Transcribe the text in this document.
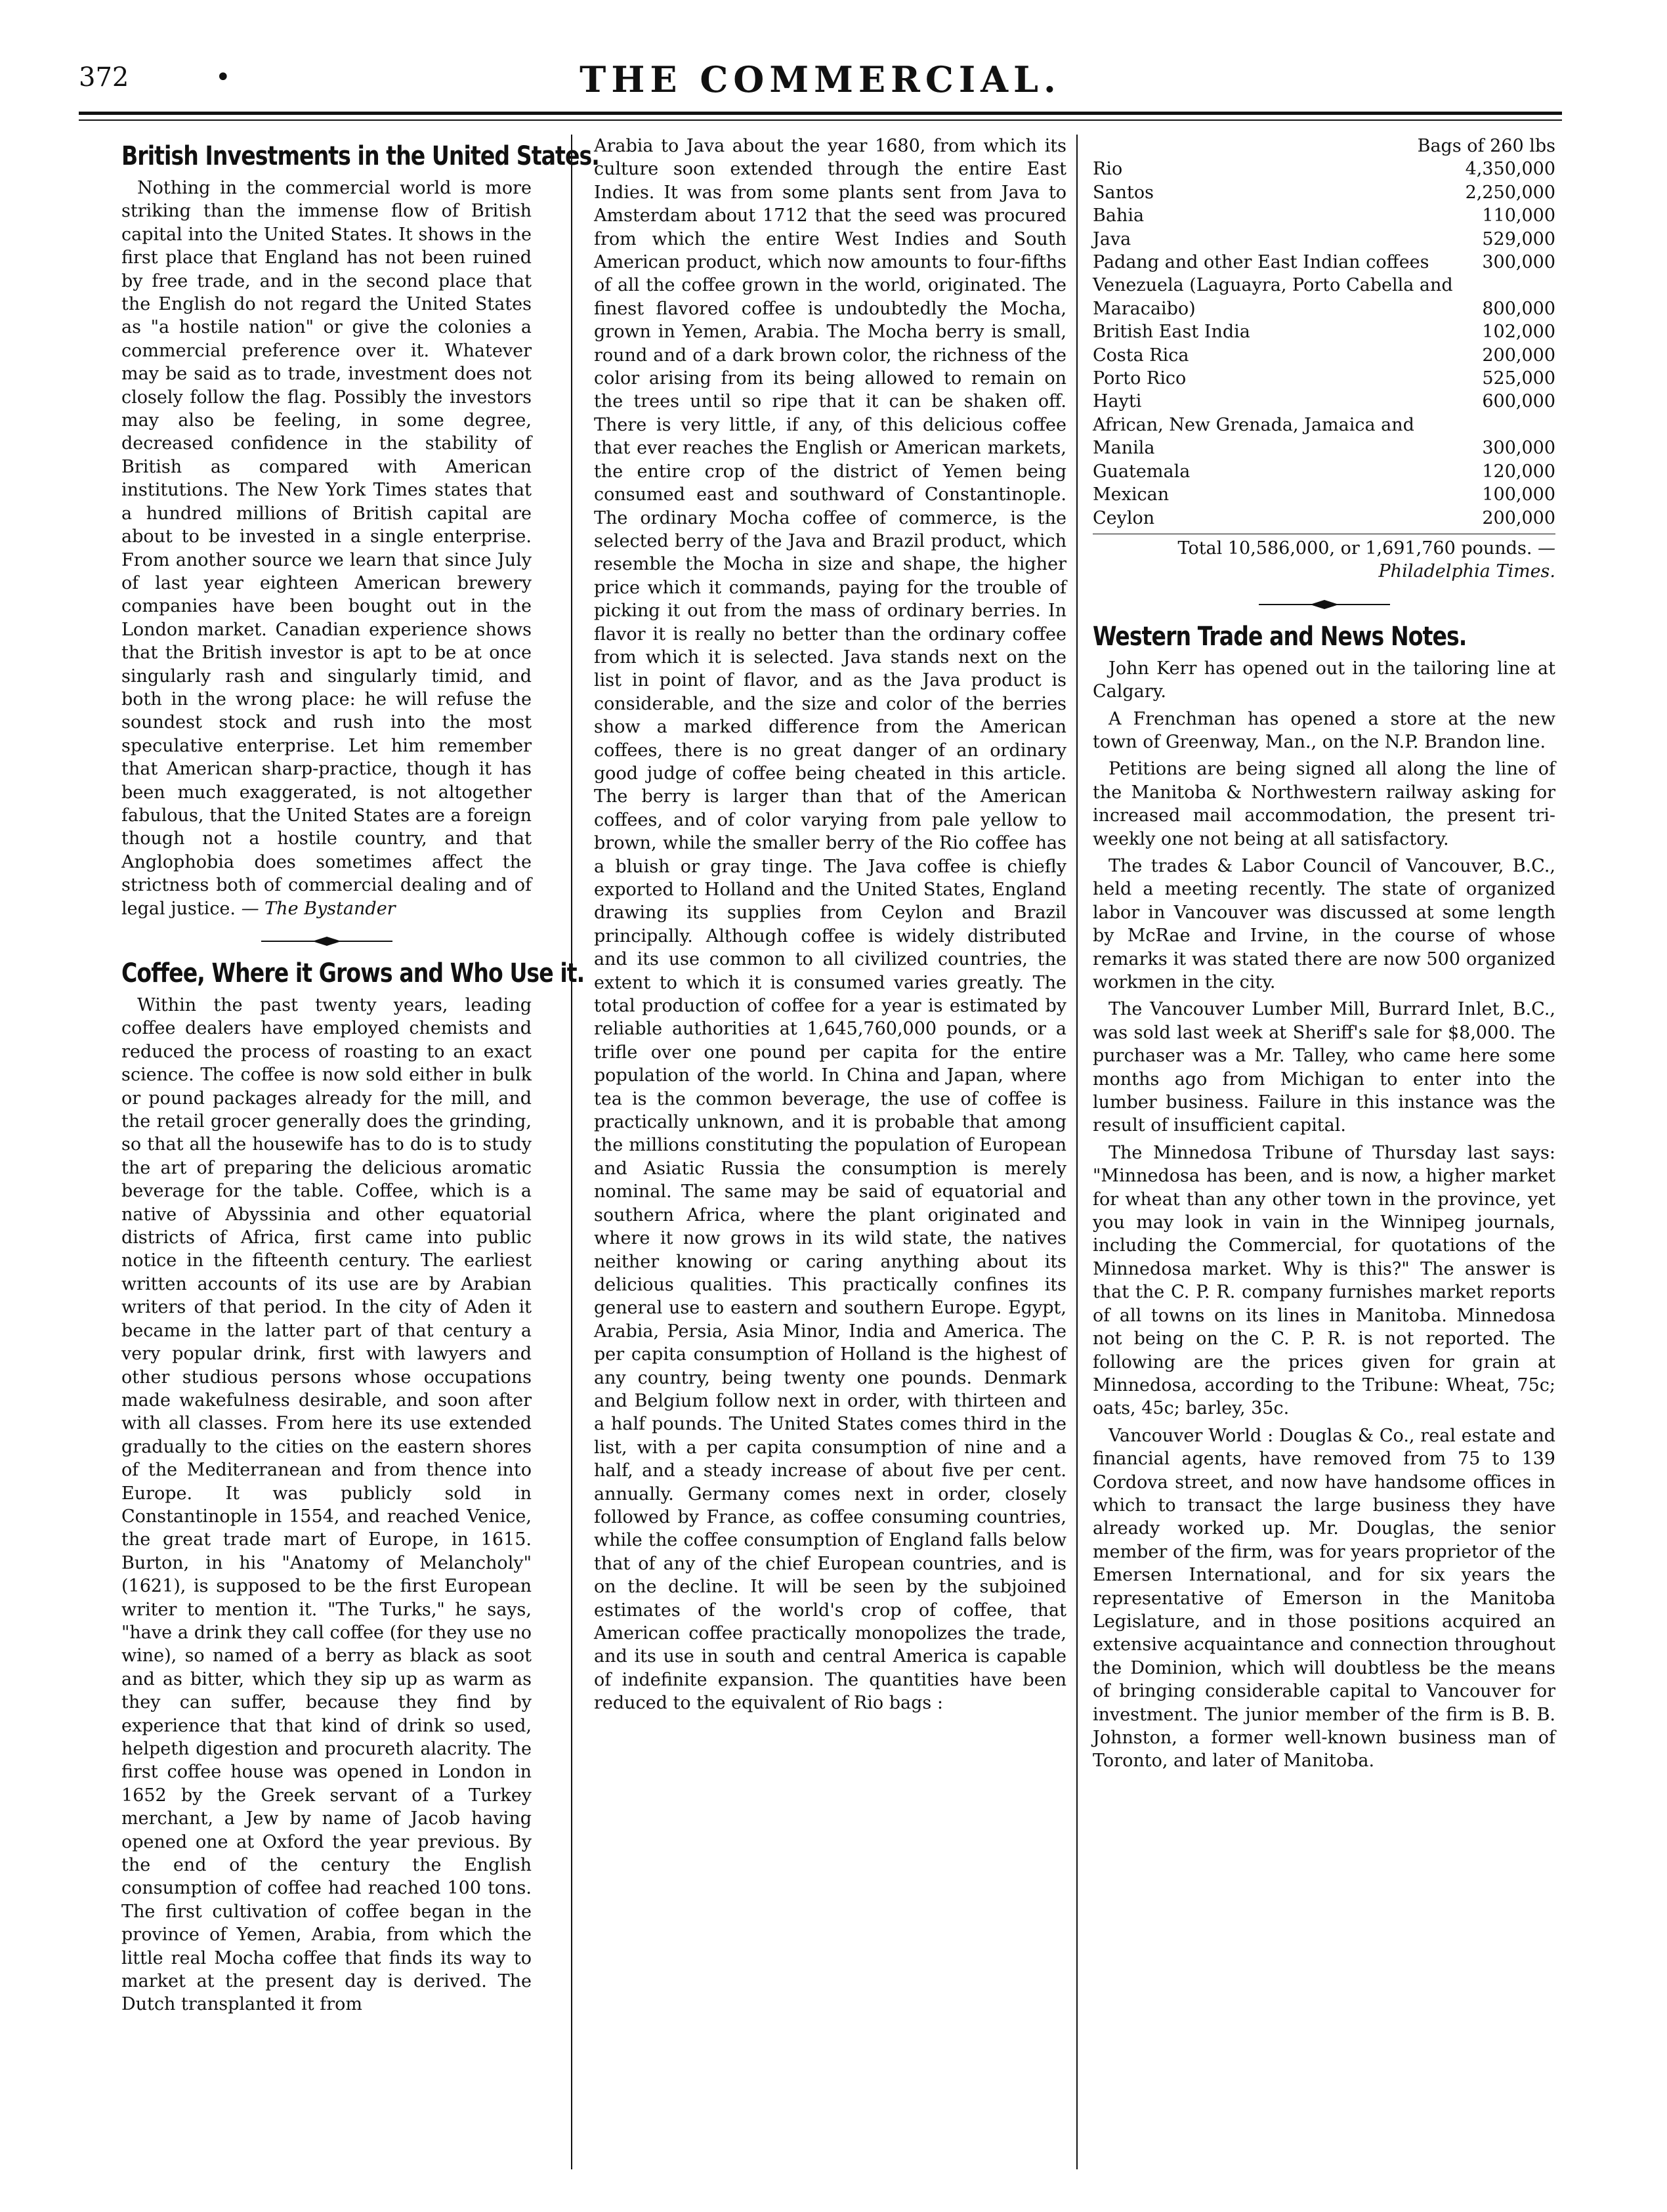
372	•	THE COMMERCIAL.
British Investments in the United States.

Nothing in the commercial world is more striking than the immense flow of British capital into the United States. It shows in the first place that England has not been ruined by free trade, and in the second place that the English do not regard the United States as "a hostile nation" or give the colonies a commercial preference over it. Whatever may be said as to trade, investment does not closely follow the flag. Possibly the investors may also be feeling, in some degree, decreased confidence in the stability of British as compared with American institutions. The New York Times states that a hundred millions of British capital are about to be invested in a single enterprise. From another source we learn that since July of last year eighteen American brewery companies have been bought out in the London market. Canadian experience shows that the British investor is apt to be at once singularly rash and singularly timid, and both in the wrong place: he will refuse the soundest stock and rush into the most speculative enterprise. Let him remember that American sharp-practice, though it has been much exaggerated, is not altogether fabulous, that the United States are a foreign though not a hostile country, and that Anglophobia does sometimes affect the strictness both of commercial dealing and of legal justice. — The Bystander

Coffee, Where it Grows and Who Use it.

Within the past twenty years, leading coffee dealers have employed chemists and reduced the process of roasting to an exact science. The coffee is now sold either in bulk or pound packages already for the mill, and the retail grocer generally does the grinding, so that all the housewife has to do is to study the art of preparing the delicious aromatic beverage for the table. Coffee, which is a native of Abyssinia and other equatorial districts of Africa, first came into public notice in the fifteenth century. The earliest written accounts of its use are by Arabian writers of that period. In the city of Aden it became in the latter part of that century a very popular drink, first with lawyers and other studious persons whose occupations made wakefulness desirable, and soon after with all classes. From here its use extended gradually to the cities on the eastern shores of the Mediterranean and from thence into Europe. It was publicly sold in Constantinople in 1554, and reached Venice, the great trade mart of Europe, in 1615. Burton, in his "Anatomy of Melancholy" (1621), is supposed to be the first European writer to mention it. "The Turks," he says, "have a drink they call coffee (for they use no wine), so named of a berry as black as soot and as bitter, which they sip up as warm as they can suffer, because they find by experience that that kind of drink so used, helpeth digestion and procureth alacrity. The first coffee house was opened in London in 1652 by the Greek servant of a Turkey merchant, a Jew by name of Jacob having opened one at Oxford the year previous. By the end of the century the English consumption of coffee had reached 100 tons. The first cultivation of coffee began in the province of Yemen, Arabia, from which the little real Mocha coffee that finds its way to market at the present day is derived. The Dutch transplanted it from

Arabia to Java about the year 1680, from which its culture soon extended through the entire East Indies. It was from some plants sent from Java to Amsterdam about 1712 that the seed was procured from which the entire West Indies and South American product, which now amounts to four-fifths of all the coffee grown in the world, originated. The finest flavored coffee is undoubtedly the Mocha, grown in Yemen, Arabia. The Mocha berry is small, round and of a dark brown color, the richness of the color arising from its being allowed to remain on the trees until so ripe that it can be shaken off. There is very little, if any, of this delicious coffee that ever reaches the English or American markets, the entire crop of the district of Yemen being consumed east and southward of Constantinople. The ordinary Mocha coffee of commerce, is the selected berry of the Java and Brazil product, which resemble the Mocha in size and shape, the higher price which it commands, paying for the trouble of picking it out from the mass of ordinary berries. In flavor it is really no better than the ordinary coffee from which it is selected. Java stands next on the list in point of flavor, and as the Java product is considerable, and the size and color of the berries show a marked difference from the American coffees, there is no great danger of an ordinary good judge of coffee being cheated in this article. The berry is larger than that of the American coffees, and of color varying from pale yellow to brown, while the smaller berry of the Rio coffee has a bluish or gray tinge. The Java coffee is chiefly exported to Holland and the United States, England drawing its supplies from Ceylon and Brazil principally. Although coffee is widely distributed and its use common to all civilized countries, the extent to which it is consumed varies greatly. The total production of coffee for a year is estimated by reliable authorities at 1,645,760,000 pounds, or a trifle over one pound per capita for the entire population of the world. In China and Japan, where tea is the common beverage, the use of coffee is practically unknown, and it is probable that among the millions constituting the population of European and Asiatic Russia the consumption is merely nominal. The same may be said of equatorial and southern Africa, where the plant originated and where it now grows in its wild state, the natives neither knowing or caring anything about its delicious qualities. This practically confines its general use to eastern and southern Europe. Egypt, Arabia, Persia, Asia Minor, India and America. The per capita consumption of Holland is the highest of any country, being twenty one pounds. Denmark and Belgium follow next in order, with thirteen and a half pounds. The United States comes third in the list, with a per capita consumption of nine and a half, and a steady increase of about five per cent. annually. Germany comes next in order, closely followed by France, as coffee consuming countries, while the coffee consumption of England falls below that of any of the chief European countries, and is on the decline. It will be seen by the subjoined estimates of the world's crop of coffee, that American coffee practically monopolizes the trade, and its use in south and central America is capable of indefinite expansion. The quantities have been reduced to the equivalent of Rio bags :

Bags of 260 lbs
Rio	4,350,000
Santos	2,250,000
Bahia	110,000
Java	529,000
Padang and other East Indian coffees	300,000
Venezuela (Laguayra, Porto Cabella and Maracaibo)	800,000
British East India	102,000
Costa Rica	200,000
Porto Rico	525,000
Hayti	600,000
African, New Grenada, Jamaica and Manila	300,000
Guatemala	120,000
Mexican	100,000
Ceylon	200,000
Total 10,586,000, or 1,691,760 pounds. — Philadelphia Times.
Western Trade and News Notes.

John Kerr has opened out in the tailoring line at Calgary.

A Frenchman has opened a store at the new town of Greenway, Man., on the N.P. Brandon line.

Petitions are being signed all along the line of the Manitoba & Northwestern railway asking for increased mail accommodation, the present tri-weekly one not being at all satisfactory.

The trades & Labor Council of Vancouver, B.C., held a meeting recently. The state of organized labor in Vancouver was discussed at some length by McRae and Irvine, in the course of whose remarks it was stated there are now 500 organized workmen in the city.

The Vancouver Lumber Mill, Burrard Inlet, B.C., was sold last week at Sheriff's sale for $8,000. The purchaser was a Mr. Talley, who came here some months ago from Michigan to enter into the lumber business. Failure in this instance was the result of insufficient capital.

The Minnedosa Tribune of Thursday last says: "Minnedosa has been, and is now, a higher market for wheat than any other town in the province, yet you may look in vain in the Winnipeg journals, including the Commercial, for quotations of the Minnedosa market. Why is this?" The answer is that the C. P. R. company furnishes market reports of all towns on its lines in Manitoba. Minnedosa not being on the C. P. R. is not reported. The following are the prices given for grain at Minnedosa, according to the Tribune: Wheat, 75c; oats, 45c; barley, 35c.

Vancouver World : Douglas & Co., real estate and financial agents, have removed from 75 to 139 Cordova street, and now have handsome offices in which to transact the large business they have already worked up. Mr. Douglas, the senior member of the firm, was for years proprietor of the Emersen International, and for six years the representative of Emerson in the Manitoba Legislature, and in those positions acquired an extensive acquaintance and connection throughout the Dominion, which will doubtless be the means of bringing considerable capital to Vancouver for investment. The junior member of the firm is B. B. Johnston, a former well-known business man of Toronto, and later of Manitoba.
